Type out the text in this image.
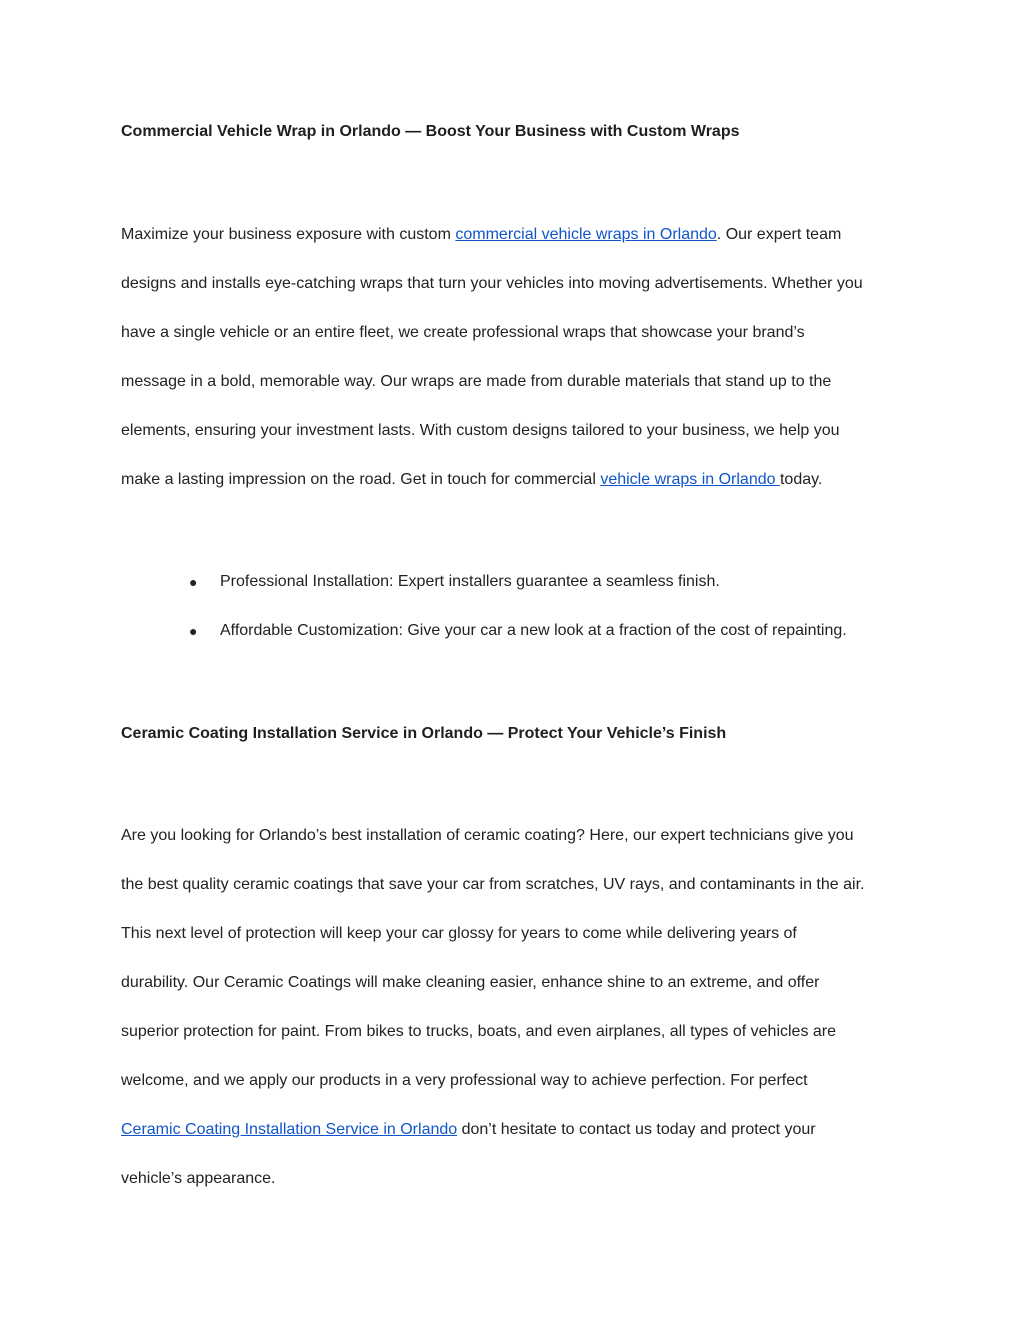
Commercial Vehicle Wrap in Orlando — Boost Your Business with Custom Wraps
Maximize your business exposure with custom commercial vehicle wraps in Orlando. Our expert team
designs and installs eye-catching wraps that turn your vehicles into moving advertisements. Whether you
have a single vehicle or an entire fleet, we create professional wraps that showcase your brand’s
message in a bold, memorable way. Our wraps are made from durable materials that stand up to the
elements, ensuring your investment lasts. With custom designs tailored to your business, we help you
make a lasting impression on the road. Get in touch for commercial vehicle wraps in Orlando today.
●	Professional Installation: Expert installers guarantee a seamless finish.
●	Affordable Customization: Give your car a new look at a fraction of the cost of repainting.
Ceramic Coating Installation Service in Orlando — Protect Your Vehicle’s Finish
Are you looking for Orlando’s best installation of ceramic coating? Here, our expert technicians give you
the best quality ceramic coatings that save your car from scratches, UV rays, and contaminants in the air.
This next level of protection will keep your car glossy for years to come while delivering years of
durability. Our Ceramic Coatings will make cleaning easier, enhance shine to an extreme, and offer
superior protection for paint. From bikes to trucks, boats, and even airplanes, all types of vehicles are
welcome, and we apply our products in a very professional way to achieve perfection. For perfect
Ceramic Coating Installation Service in Orlando don’t hesitate to contact us today and protect your
vehicle’s appearance.
